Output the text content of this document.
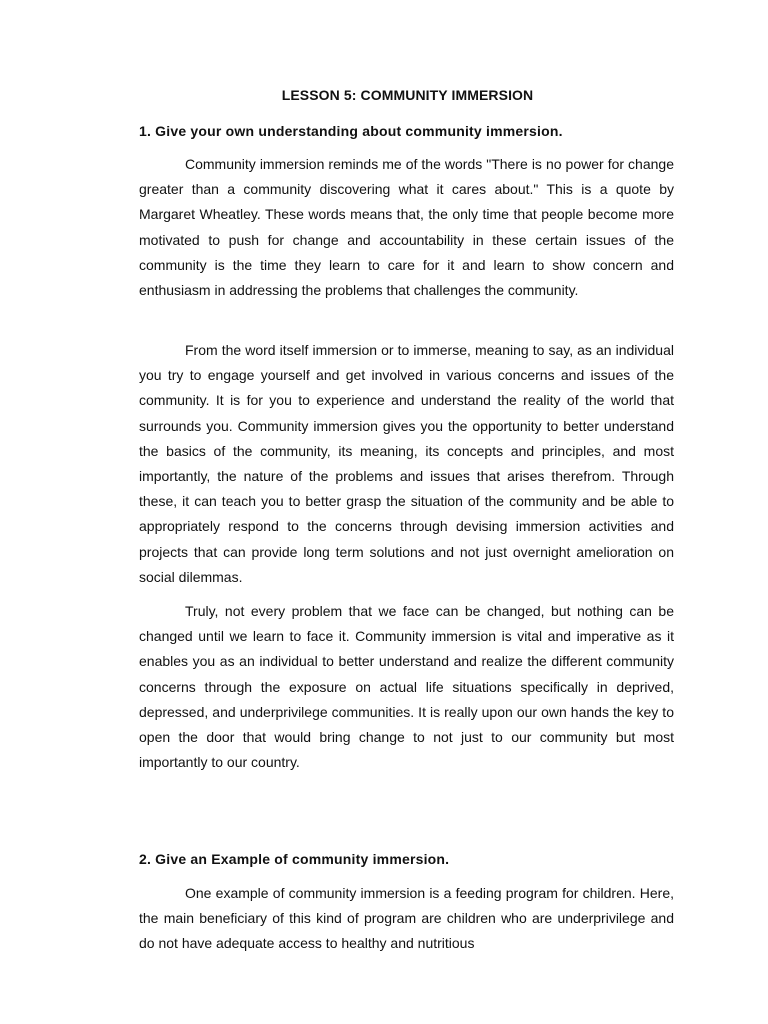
LESSON 5: COMMUNITY IMMERSION
1. Give your own understanding about community immersion.

Community immersion reminds me of the words "There is no power for change greater than a community discovering what it cares about." This is a quote by Margaret Wheatley. These words means that, the only time that people become more motivated to push for change and accountability in these certain issues of the community is the time they learn to care for it and learn to show concern and enthusiasm in addressing the problems that challenges the community.

From the word itself immersion or to immerse, meaning to say, as an individual you try to engage yourself and get involved in various concerns and issues of the community. It is for you to experience and understand the reality of the world that surrounds you. Community immersion gives you the opportunity to better understand the basics of the community, its meaning, its concepts and principles, and most importantly, the nature of the problems and issues that arises therefrom. Through these, it can teach you to better grasp the situation of the community and be able to appropriately respond to the concerns through devising immersion activities and projects that can provide long term solutions and not just overnight amelioration on social dilemmas.

Truly, not every problem that we face can be changed, but nothing can be changed until we learn to face it. Community immersion is vital and imperative as it enables you as an individual to better understand and realize the different community concerns through the exposure on actual life situations specifically in deprived, depressed, and underprivilege communities. It is really upon our own hands the key to open the door that would bring change to not just to our community but most importantly to our country.

2. Give an Example of community immersion.

One example of community immersion is a feeding program for children. Here, the main beneficiary of this kind of program are children who are underprivilege and do not have adequate access to healthy and nutritious
